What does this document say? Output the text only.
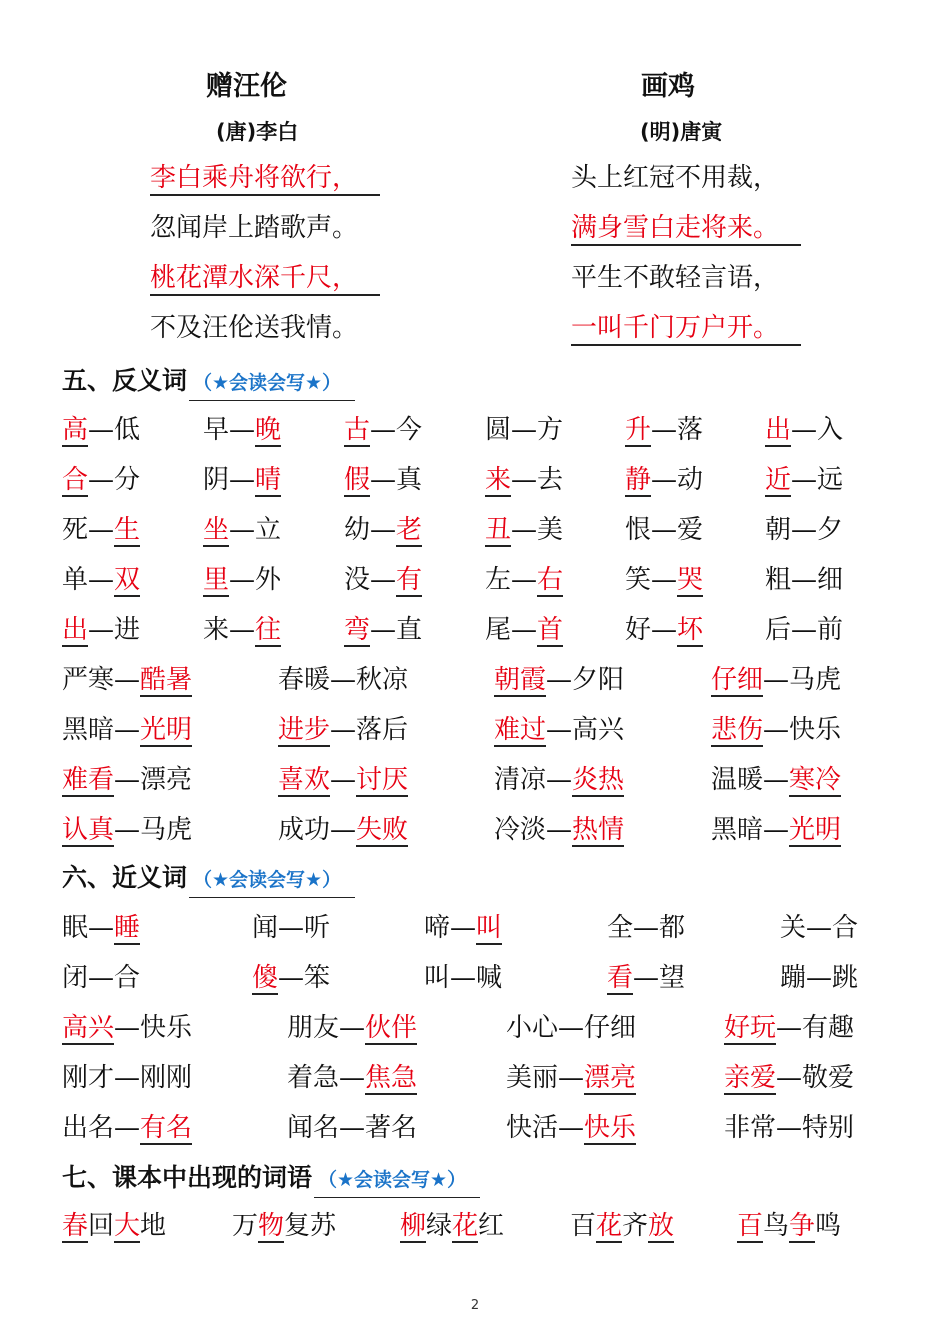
赠汪伦
(唐)李白
画鸡
(明)唐寅
李白乘舟将欲行，
忽闻岸上踏歌声。
桃花潭水深千尺，
不及汪伦送我情。
头上红冠不用裁，
满身雪白走将来。
平生不敢轻言语，
一叫千门万户开。
五、反义词 （★会读会写★）
六、近义词 （★会读会写★）
七、课本中出现的词语 （★会读会写★）
高—低 早—晚 古—今 圆—方 升—落 出—入
合—分 阴—晴 假—真 来—去 静—动 近—远
死—生 坐—立 幼—老 丑—美 恨—爱 朝—夕
单—双 里—外 没—有 左—右 笑—哭 粗—细
出—进 来—往 弯—直 尾—首 好—坏 后—前
严寒—酷暑	春暖—秋凉	朝霞—夕阳	仔细—马虎
黑暗—光明	进步—落后	难过—高兴	悲伤—快乐
难看—漂亮	喜欢—讨厌	清凉—炎热	温暖—寒冷
认真—马虎	成功—失败	冷淡—热情	黑暗—光明
眠—睡	闻—听	啼—叫	全—都	关—合
闭—合	傻—笨	叫—喊	看—望	蹦—跳
高兴—快乐	朋友—伙伴	小心—仔细	好玩—有趣
刚才—刚刚	着急—焦急	美丽—漂亮	亲爱—敬爱
出名—有名	闻名—著名	快活—快乐	非常—特别
春回大地	万物复苏 柳绿花红	百花齐放 百鸟争鸣
2
